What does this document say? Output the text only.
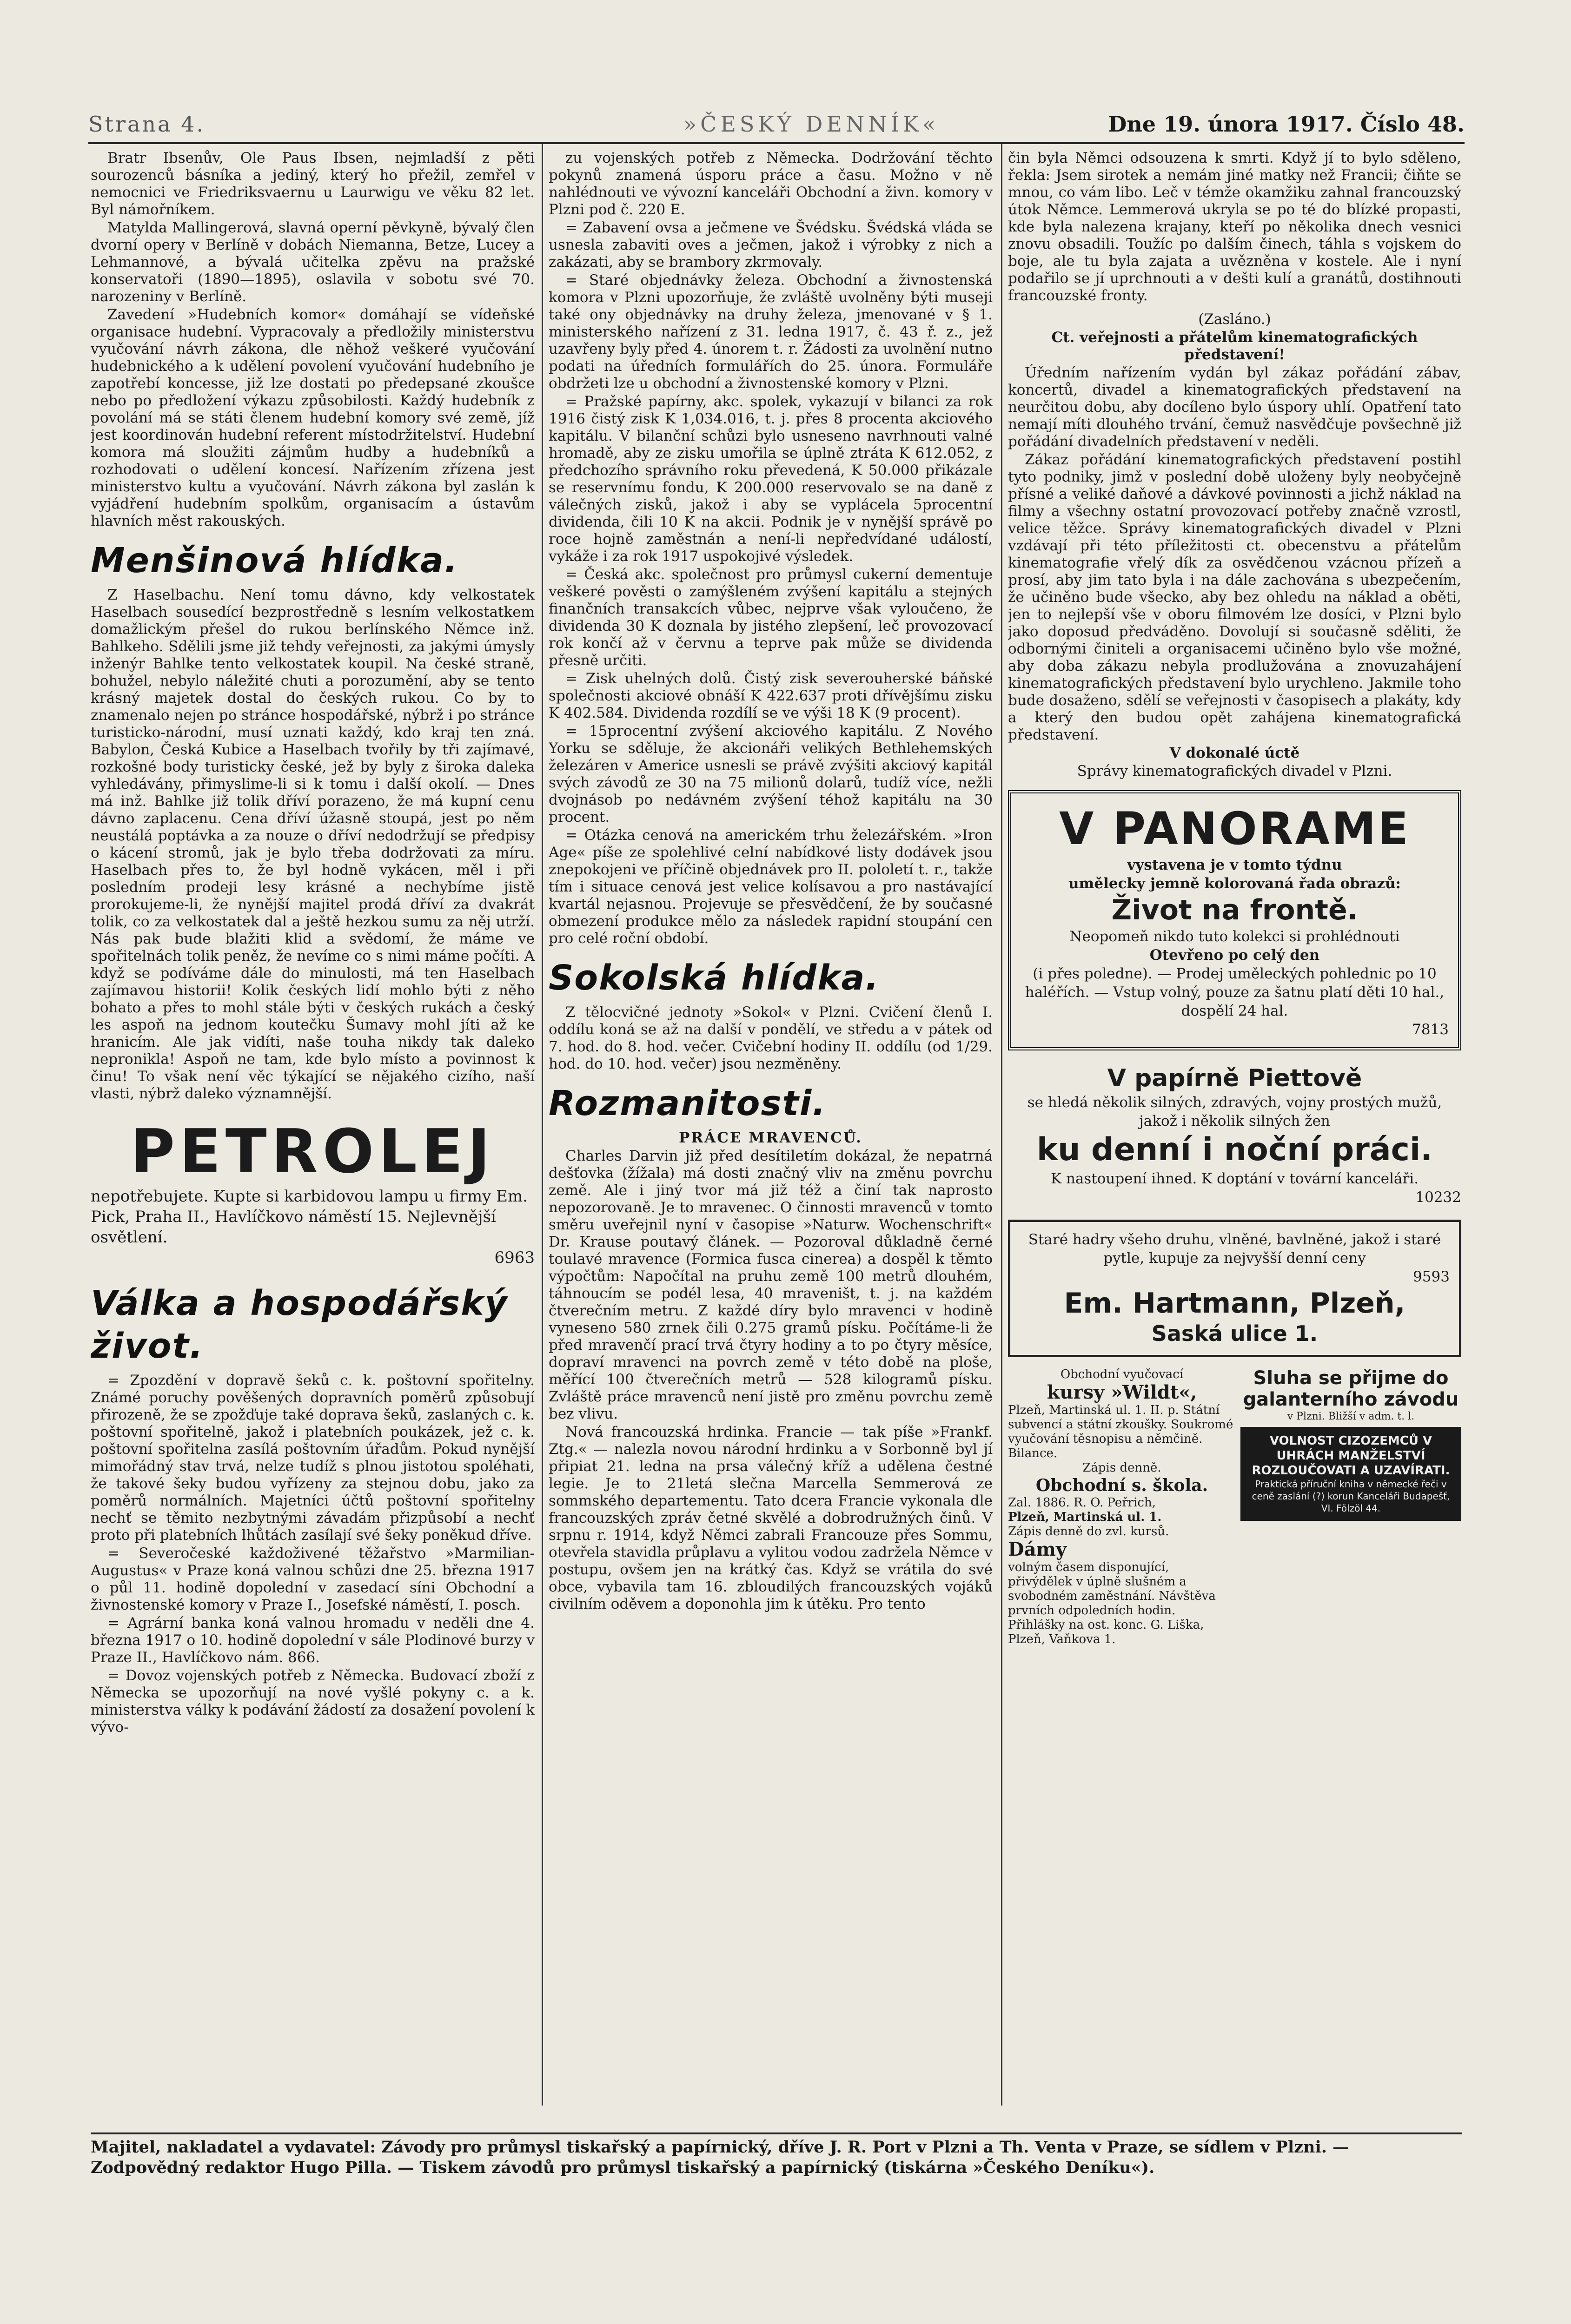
Strana 4.	»ČESKÝ DENNÍK«	Dne 19. února 1917. Číslo 48.

Bratr Ibsenův, Ole Paus Ibsen, nejmladší z pěti sourozenců básníka a jediný, který ho přežil, zemřel v nemocnici ve Friedriksvaernu u Laurwigu ve věku 82 let. Byl námořníkem.

Matylda Mallingerová, slavná operní pěvkyně, bývalý člen dvorní opery v Berlíně v dobách Niemanna, Betze, Lucey a Lehmannové, a bývalá učitelka zpěvu na pražské konservatoři (1890—1895), oslavila v sobotu své 70. narozeniny v Berlíně.

Zavedení »Hudebních komor« domáhají se vídeňské organisace hudební. Vypracovaly a předložily ministerstvu vyučování návrh zákona, dle něhož veškeré vyučování hudebnického a k udělení povolení vyučování hudebního je zapotřebí koncesse, již lze dostati po předepsané zkoušce nebo po předložení výkazu způsobilosti. Každý hudebník z povolání má se státi členem hudební komory své země, jíž jest koordinován hudební referent místodržitelství. Hudební komora má sloužiti zájmům hudby a hudebníků a rozhodovati o udělení koncesí. Nařízením zřízena jest ministerstvo kultu a vyučování. Návrh zákona byl zaslán k vyjádření hudebním spolkům, organisacím a ústavům hlavních měst rakouských.

Menšinová hlídka.

Z Haselbachu. Není tomu dávno, kdy velkostatek Haselbach sousedící bezprostředně s lesním velkostatkem domažlickým přešel do rukou berlínského Němce inž. Bahlkeho. Sdělili jsme již tehdy veřejnosti, za jakými úmysly inženýr Bahlke tento velkostatek koupil. Na české straně, bohužel, nebylo náležité chuti a porozumění, aby se tento krásný majetek dostal do českých rukou. Co by to znamenalo nejen po stránce hospodářské, nýbrž i po stránce turisticko-národní, musí uznati každý, kdo kraj ten zná. Babylon, Česká Kubice a Haselbach tvořily by tři zajímavé, rozkošné body turisticky české, jež by byly z široka daleka vyhledávány, přimyslime-li si k tomu i další okolí. — Dnes má inž. Bahlke již tolik dříví porazeno, že má kupní cenu dávno zaplacenu. Cena dříví úžasně stoupá, jest po něm neustálá poptávka a za nouze o dříví nedodržují se předpisy o kácení stromů, jak je bylo třeba dodržovati za míru. Haselbach přes to, že byl hodně vykácen, měl i při posledním prodeji lesy krásné a nechybíme jistě prorokujeme-li, že nynější majitel prodá dříví za dvakrát tolik, co za velkostatek dal a ještě hezkou sumu za něj utrží. Nás pak bude blažiti klid a svědomí, že máme ve spořitelnách tolik peněz, že nevíme co s nimi máme počíti. A když se podíváme dále do minulosti, má ten Haselbach zajímavou historii! Kolik českých lidí mohlo býti z něho bohato a přes to mohl stále býti v českých rukách a český les aspoň na jednom koutečku Šumavy mohl jíti až ke hranicím. Ale jak vidíti, naše touha nikdy tak daleko nepronikla! Aspoň ne tam, kde bylo místo a povinnost k činu! To však není věc týkající se nějakého cizího, naší vlasti, nýbrž daleko významnější.

PETROLEJ
nepotřebujete. Kupte si karbidovou lampu u firmy Em. Pick, Praha II., Havlíčkovo náměstí 15. Nejlevnější osvětlení.
6963
Válka a hospodářský život.

= Zpozdění v dopravě šeků c. k. poštovní spořitelny. Známé poruchy pověšených dopravních poměrů způsobují přirozeně, že se zpožďuje také doprava šeků, zaslaných c. k. poštovní spořitelně, jakož i platebních poukázek, jež c. k. poštovní spořitelna zasílá poštovním úřadům. Pokud nynější mimořádný stav trvá, nelze tudíž s plnou jistotou spoléhati, že takové šeky budou vyřízeny za stejnou dobu, jako za poměrů normálních. Majetníci účtů poštovní spořitelny nechť se těmito nezbytnými závadám přizpůsobí a nechť proto při platebních lhůtách zasílají své šeky poněkud dříve.

= Severočeské každoživené těžařstvo »Marmilian-Augustus« v Praze koná valnou schůzi dne 25. března 1917 o půl 11. hodině dopolední v zasedací síni Obchodní a živnostenské komory v Praze I., Josefské náměstí, I. posch.

= Agrární banka koná valnou hromadu v neděli dne 4. března 1917 o 10. hodině dopolední v sále Plodinové burzy v Praze II., Havlíčkovo nám. 866.

= Dovoz vojenských potřeb z Německa. Budovací zboží z Německa se upozorňují na nové vyšlé pokyny c. a k. ministerstva války k podávání žádostí za dosažení povolení k vývo-

zu vojenských potřeb z Německa. Dodržování těchto pokynů znamená úsporu práce a času. Možno v ně nahlédnouti ve vývozní kanceláři Obchodní a živn. komory v Plzni pod č. 220 E.

= Zabavení ovsa a ječmene ve Švédsku. Švédská vláda se usnesla zabaviti oves a ječmen, jakož i výrobky z nich a zakázati, aby se brambory zkrmovaly.

= Staré objednávky železa. Obchodní a živnostenská komora v Plzni upozorňuje, že zvláště uvolněny býti museji také ony objednávky na druhy železa, jmenované v § 1. ministerského nařízení z 31. ledna 1917, č. 43 ř. z., jež uzavřeny byly před 4. únorem t. r. Žádosti za uvolnění nutno podati na úředních formulářích do 25. února. Formuláře obdržeti lze u obchodní a živnostenské komory v Plzni.

= Pražské papírny, akc. spolek, vykazují v bilanci za rok 1916 čistý zisk K 1,034.016, t. j. přes 8 procenta akciového kapitálu. V bilanční schůzi bylo usneseno navrhnouti valné hromadě, aby ze zisku umořila se úplně ztráta K 612.052, z předchozího správního roku převedená, K 50.000 přikázale se reservnímu fondu, K 200.000 reservovalo se na daně z válečných zisků, jakož i aby se vyplácela 5procentní dividenda, čili 10 K na akcii. Podnik je v nynější správě po roce hojně zaměstnán a není-li nepředvídané událostí, vykáže i za rok 1917 uspokojivé výsledek.

= Česká akc. společnost pro průmysl cukerní dementuje veškeré pověsti o zamýšleném zvýšení kapitálu a stejných finančních transakcích vůbec, nejprve však vyloučeno, že dividenda 30 K doznala by jistého zlepšení, leč provozovací rok končí až v červnu a teprve pak může se dividenda přesně určiti.

= Zisk uhelných dolů. Čistý zisk severouherské báňské společnosti akciové obnáší K 422.637 proti dřívějšímu zisku K 402.584. Dividenda rozdílí se ve výši 18 K (9 procent).

= 15procentní zvýšení akciového kapitálu. Z Nového Yorku se sděluje, že akcionáři velikých Bethlehemských železáren v Americe usnesli se právě zvýšiti akciový kapitál svých závodů ze 30 na 75 milionů dolarů, tudíž více, nežli dvojnásob po nedávném zvýšení téhož kapitálu na 30 procent.

= Otázka cenová na americkém trhu železářském. »Iron Age« píše ze spolehlivé celní nabídkové listy dodávek jsou znepokojeni ve příčině objednávek pro II. pololetí t. r., takže tím i situace cenová jest velice kolísavou a pro nastávající kvartál nejasnou. Projevuje se přesvědčení, že by současné obmezení produkce mělo za následek rapidní stoupání cen pro celé roční období.

Sokolská hlídka.

Z tělocvičné jednoty »Sokol« v Plzni. Cvičení členů I. oddílu koná se až na další v pondělí, ve středu a v pátek od 7. hod. do 8. hod. večer. Cvičební hodiny II. oddílu (od 1/29. hod. do 10. hod. večer) jsou nezměněny.

Rozmanitosti.

PRÁCE MRAVENCŮ.

Charles Darvin již před desítiletím dokázal, že nepatrná dešťovka (žížala) má dosti značný vliv na změnu povrchu země. Ale i jiný tvor má již též a činí tak naprosto nepozorovaně. Je to mravenec. O činnosti mravenců v tomto směru uveřejnil nyní v časopise »Naturw. Wochenschrift« Dr. Krause poutavý článek. — Pozoroval důkladně černé toulavé mravence (Formica fusca cinerea) a dospěl k těmto výpočtům: Napočítal na pruhu země 100 metrů dlouhém, táhnoucím se podél lesa, 40 mraveništ, t. j. na každém čtverečním metru. Z každé díry bylo mravenci v hodině vyneseno 580 zrnek čili 0.275 gramů písku. Počítáme-li že před mravenčí prací trvá čtyry hodiny a to po čtyry měsíce, dopraví mravenci na povrch země v této době na ploše, měřící 100 čtverečních metrů — 528 kilogramů písku. Zvláště práce mravenců není jistě pro změnu povrchu země bez vlivu.

Nová francouzská hrdinka. Francie — tak píše »Frankf. Ztg.« — nalezla novou národní hrdinku a v Sorbonně byl jí připiat 21. ledna na prsa válečný kříž a udělena čestné legie. Je to 21letá slečna Marcella Semmerová ze sommského departementu. Tato dcera Francie vykonala dle francouzských zpráv četné skvělé a dobrodružných činů. V srpnu r. 1914, když Němci zabrali Francouze přes Sommu, otevřela stavidla průplavu a vylitou vodou zadržela Němce v postupu, ovšem jen na krátký čas. Když se vrátila do své obce, vybavila tam 16. zbloudilých francouzských vojáků civilním oděvem a doponohla jim k útěku. Pro tento

čin byla Němci odsouzena k smrti. Když jí to bylo sděleno, řekla: Jsem sirotek a nemám jiné matky než Francii; čiňte se mnou, co vám libo. Leč v témže okamžiku zahnal francouzský útok Němce. Lemmerová ukryla se po té do blízké propasti, kde byla nalezena krajany, kteří po několika dnech vesnici znovu obsadili. Toužíc po dalším činech, táhla s vojskem do boje, ale tu byla zajata a uvězněna v kostele. Ale i nyní podařilo se jí uprchnouti a v dešti kulí a granátů, dostihnouti francouzské fronty.

(Zasláno.)

Ct. veřejnosti a přátelům kinematografických představení!

Úředním nařízením vydán byl zákaz pořádání zábav, koncertů, divadel a kinematografických představení na neurčitou dobu, aby docíleno bylo úspory uhlí. Opatření tato nemají míti dlouhého trvání, čemuž nasvědčuje povšechně již pořádání divadelních představení v neděli.

Zákaz pořádání kinematografických představení postihl tyto podniky, jimž v poslední době uloženy byly neobyčejně přísné a veliké daňové a dávkové povinnosti a jichž náklad na filmy a všechny ostatní provozovací potřeby značně vzrostl, velice těžce. Správy kinematografických divadel v Plzni vzdávají při této příležitosti ct. obecenstvu a přátelům kinematografie vřelý dík za osvědčenou vzácnou přízeň a prosí, aby jim tato byla i na dále zachována s ubezpečením, že učiněno bude všecko, aby bez ohledu na náklad a oběti, jen to nejlepší vše v oboru filmovém lze dosíci, v Plzni bylo jako doposud předváděno. Dovolují si současně sděliti, že odbornými činiteli a organisacemi učiněno bylo vše možné, aby doba zákazu nebyla prodlužována a znovuzahájení kinematografických představení bylo urychleno. Jakmile toho bude dosaženo, sdělí se veřejnosti v časopisech a plakáty, kdy a který den budou opět zahájena kinematografická představení.

V dokonalé úctě

Správy kinematografických divadel v Plzni.

V PANORAME
vystavena je v tomto týdnu
umělecky jemně kolorovaná řada obrazů:
Život na frontě.
Neopomeň nikdo tuto kolekci si prohlédnouti
Otevřeno po celý den
(i přes poledne). — Prodej uměleckých pohlednic po 10 haléřích. — Vstup volný, pouze za šatnu platí děti 10 hal., dospělí 24 hal.
7813
V papírně Piettově
se hledá několik silných, zdravých, vojny prostých mužů, jakož i několik silných žen
ku denní i noční práci.
K nastoupení ihned. K doptání v tovární kanceláři.
10232
Staré hadry všeho druhu, vlněné, bavlněné, jakož i staré pytle, kupuje za nejvyšší denní ceny
9593
Em. Hartmann, Plzeň,
Saská ulice 1.
Obchodní vyučovací
kursy »Wildt«,
Plzeň, Martinská ul. 1. II. p. Státní subvencí a státní zkoušky. Soukromé vyučování těsnopisu a němčině. Bilance.
Zápis denně.
Obchodní s. škola.
Zal. 1886. R. O. Peřrich,
Plzeň, Martinská ul. 1.
Zápis denně do zvl. kursů.
Dámy
volným časem disponující, přivýdělek v úplně slušném a svobodném zaměstnání. Návštěva prvních odpoledních hodin. Přihlášky na ost. konc. G. Liška, Plzeň, Vaňkova 1.
Sluha se přijme do galanterního závodu
v Plzni. Bližší v adm. t. l.
VOLNOST CIZOZEMCŮ V UHRÁCH MANŽELSTVÍ ROZLOUČOVATI A UZAVÍRATI.
Praktická příruční kniha v německé řeči v ceně zaslání (?) korun Kanceláři Budapešť, VI. Fölzöl 44.
Majitel, nakladatel a vydavatel: Závody pro průmysl tiskařský a papírnický, dříve J. R. Port v Plzni a Th. Venta v Praze, se sídlem v Plzni. — Zodpovědný redaktor Hugo Pilla. — Tiskem závodů pro průmysl tiskařský a papírnický (tiskárna »Českého Deníku«).
